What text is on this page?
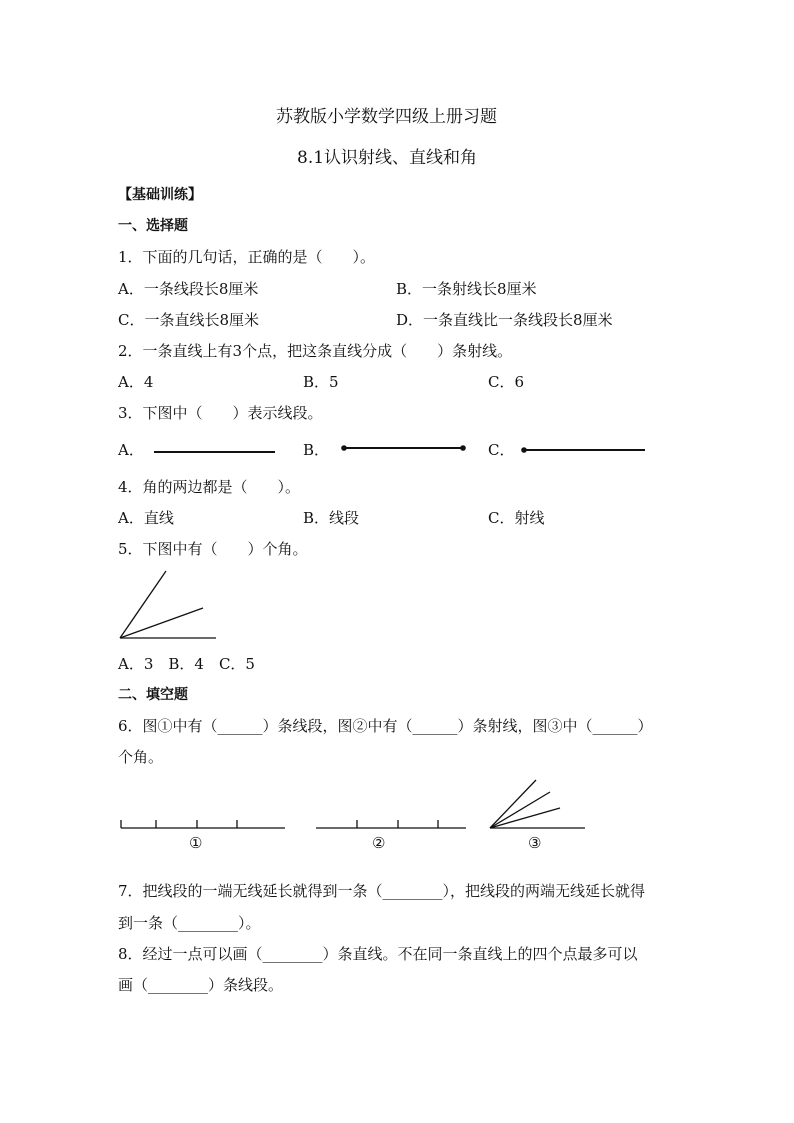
苏教版小学数学四级上册习题
8.1认识射线、直线和角
【基础训练】
一、选择题
1．下面的几句话，正确的是（　　）。
A．一条线段长8厘米	B．一条射线长8厘米
C．一条直线长8厘米	D．一条直线比一条线段长8厘米
2．一条直线上有3个点，把这条直线分成（　　）条射线。
A．4	B．5	C．6
3．下图中（　　）表示线段。
A．	B．	C．
4．角的两边都是（　　）。
A．直线	B．线段	C．射线
5．下图中有（　　）个角。
A．3　B．4　C．5
二、填空题
6．图①中有（______）条线段，图②中有（______）条射线，图③中（______）
个角。
①	②	③
7．把线段的一端无线延长就得到一条（________），把线段的两端无线延长就得
到一条（________）。
8．经过一点可以画（________）条直线。不在同一条直线上的四个点最多可以
画（________）条线段。
